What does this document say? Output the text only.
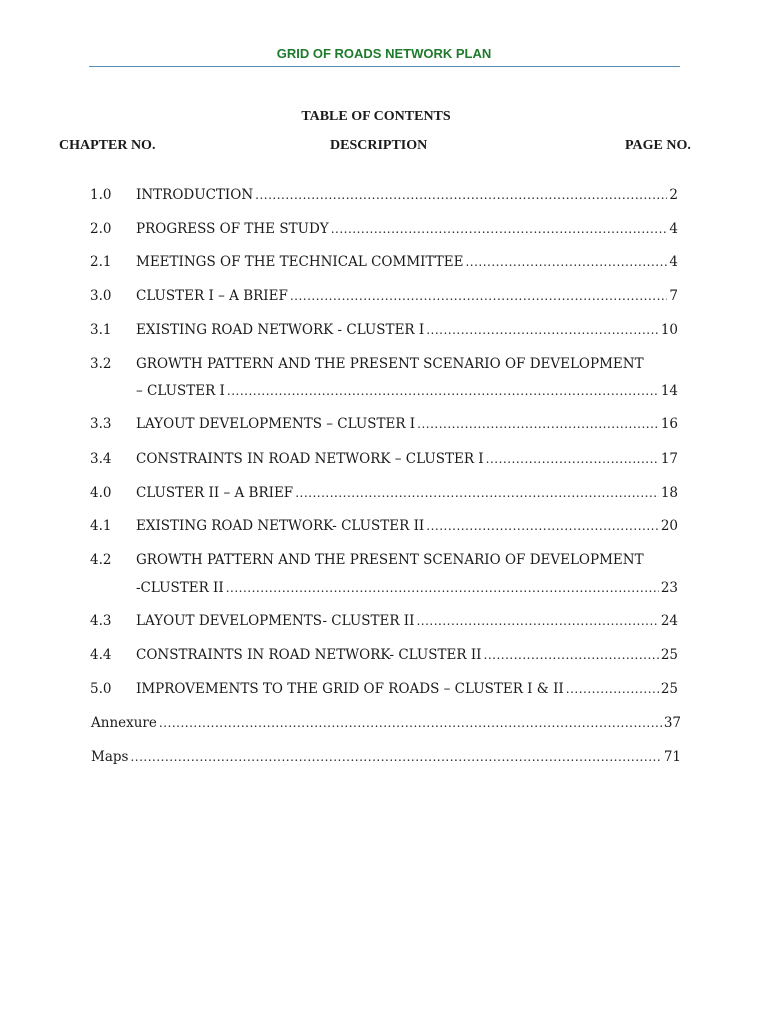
GRID OF ROADS NETWORK PLAN
TABLE OF CONTENTS
CHAPTER NO.	DESCRIPTION	PAGE NO.
1.0 INTRODUCTION .....	2
2.0 PROGRESS OF THE STUDY .....	4
2.1 MEETINGS OF THE TECHNICAL COMMITTEE .....	4
3.0 CLUSTER I – A BRIEF .....	7
3.1 EXISTING ROAD NETWORK - CLUSTER I .....	10
3.2 GROWTH PATTERN AND THE PRESENT SCENARIO OF DEVELOPMENT
– CLUSTER I .....	14
3.3 LAYOUT DEVELOPMENTS – CLUSTER I .....	16
3.4 CONSTRAINTS IN ROAD NETWORK – CLUSTER I .....	17
4.0 CLUSTER II – A BRIEF .....	18
4.1 EXISTING ROAD NETWORK- CLUSTER II .....	20
4.2 GROWTH PATTERN AND THE PRESENT SCENARIO OF DEVELOPMENT
-CLUSTER II .....	23
4.3 LAYOUT DEVELOPMENTS- CLUSTER II .....	24
4.4 CONSTRAINTS IN ROAD NETWORK- CLUSTER II .....	25
5.0 IMPROVEMENTS TO THE GRID OF ROADS – CLUSTER I & II .....	25
Annexure .....	37
Maps .....	71
